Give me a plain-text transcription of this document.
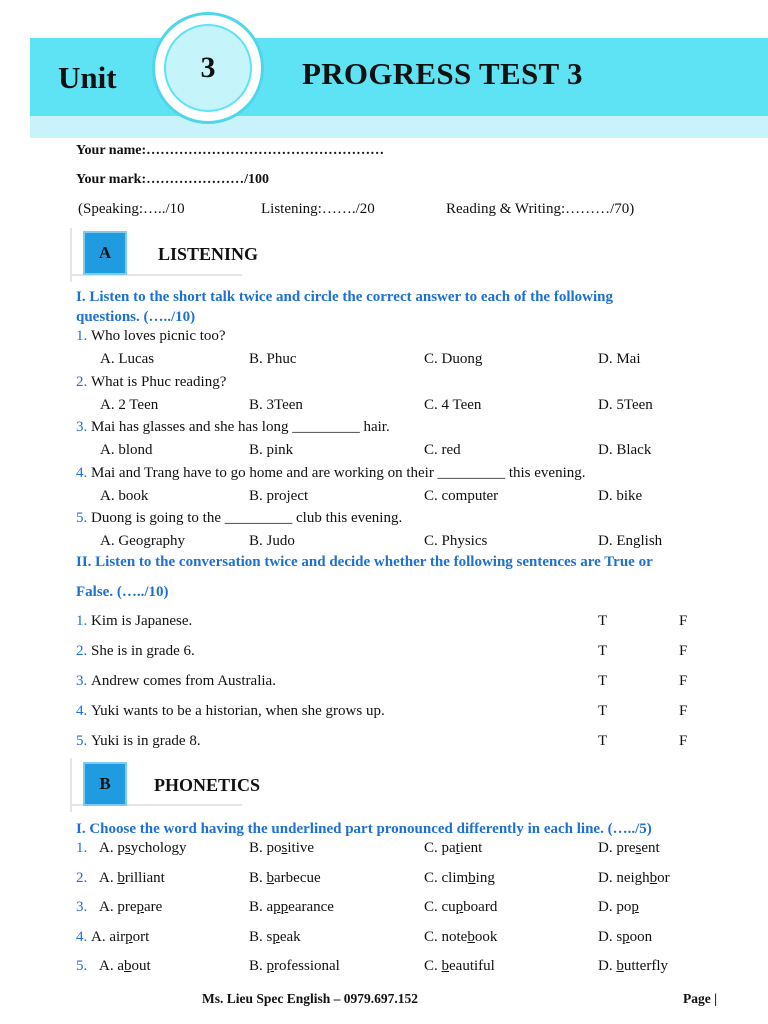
Unit	3	PROGRESS TEST 3
Your name:……………………………………………
Your mark:…………………/100
(Speaking:…../10	Listening:……./20	Reading & Writing:………/70)
A	LISTENING
I. Listen to the short talk twice and circle the correct answer to each of the following
questions. (…../10)
1. Who loves picnic too?
A. Lucas	B. Phuc	C. Duong	D. Mai
2. What is Phuc reading?
A. 2 Teen	B. 3Teen	C. 4 Teen	D. 5Teen
3. Mai has glasses and she has long _________ hair.
A. blond	B. pink	C. red	D. Black
4. Mai and Trang have to go home and are working on their _________ this evening.
A. book	B. project	C. computer	D. bike
5. Duong is going to the _________ club this evening.
A. Geography	B. Judo	C. Physics	D. English
II. Listen to the conversation twice and decide whether the following sentences are True or
False. (…../10)
1. Kim is Japanese.	T	F
2. She is in grade 6.	T	F
3. Andrew comes from Australia.	T	F
4. Yuki wants to be a historian, when she grows up.	T	F
5. Yuki is in grade 8.	T	F
B	PHONETICS
I. Choose the word having the underlined part pronounced differently in each line. (…../5)
1. A. psychology	B. positive	C. patient	D. present
2. A. brilliant	B. barbecue	C. climbing	D. neighbor
3. A. prepare	B. appearance	C. cupboard	D. pop
4. A. airport	B. speak	C. notebook	D. spoon
5. A. about	B. professional	C. beautiful	D. butterfly
Ms. Lieu Spec English – 0979.697.152	Page |
